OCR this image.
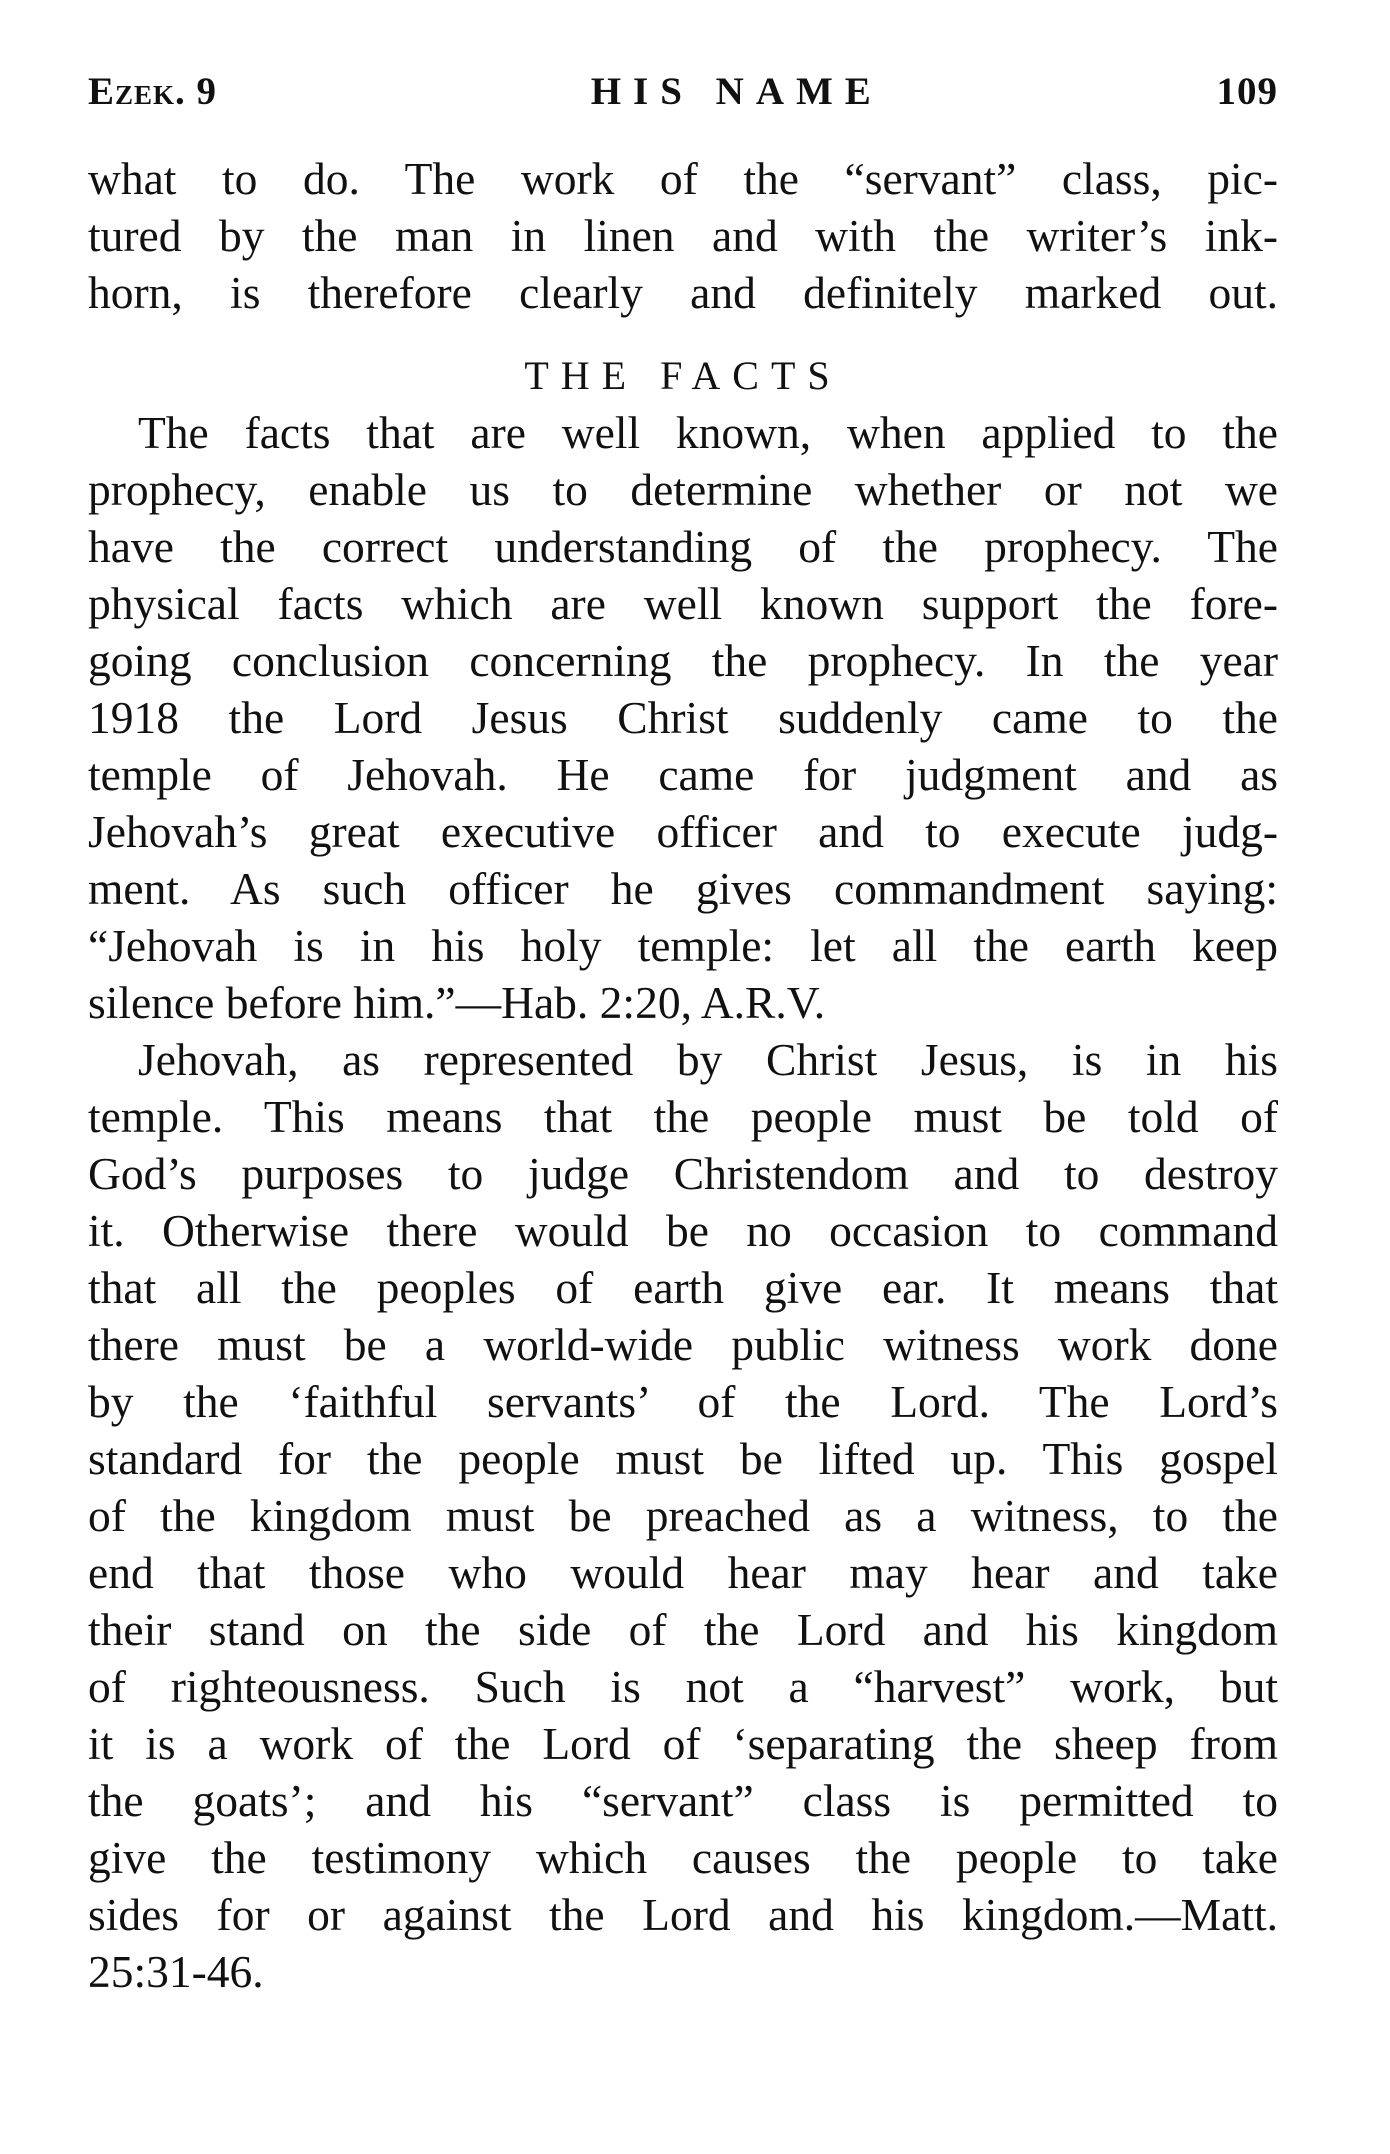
Ezek. 9	HIS NAME	109
what to do. The work of the “servant” class, pic-
tured by the man in linen and with the writer’s ink-
horn, is therefore clearly and definitely marked out.
THE FACTS
The facts that are well known, when applied to the
prophecy, enable us to determine whether or not we
have the correct understanding of the prophecy. The
physical facts which are well known support the fore-
going conclusion concerning the prophecy. In the year
1918 the Lord Jesus Christ suddenly came to the
temple of Jehovah. He came for judgment and as
Jehovah’s great executive officer and to execute judg-
ment. As such officer he gives commandment saying:
“Jehovah is in his holy temple: let all the earth keep
silence before him.”—Hab. 2:20, A.R.V.
Jehovah, as represented by Christ Jesus, is in his
temple. This means that the people must be told of
God’s purposes to judge Christendom and to destroy
it. Otherwise there would be no occasion to command
that all the peoples of earth give ear. It means that
there must be a world-wide public witness work done
by the ‘faithful servants’ of the Lord. The Lord’s
standard for the people must be lifted up. This gospel
of the kingdom must be preached as a witness, to the
end that those who would hear may hear and take
their stand on the side of the Lord and his kingdom
of righteousness. Such is not a “harvest” work, but
it is a work of the Lord of ‘separating the sheep from
the goats’; and his “servant” class is permitted to
give the testimony which causes the people to take
sides for or against the Lord and his kingdom.—Matt.
25:31-46.
